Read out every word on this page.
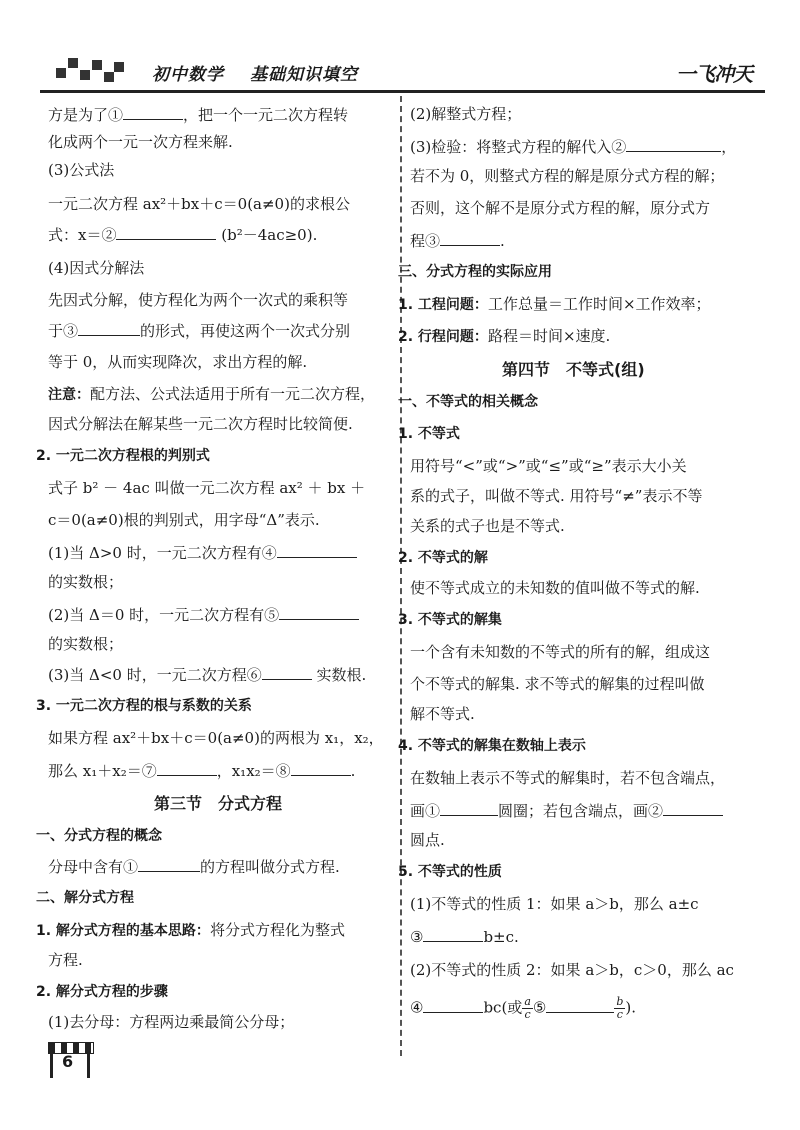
初中数学 基础知识填空	一飞冲天
方是为了①	，把一个一元二次方程转
化成两个一元一次方程来解.
(3)公式法
一元二次方程 ax²＋bx＋c＝0(a≠0)的求根公
式：x＝②	(b²－4ac≥0).
(4)因式分解法
先因式分解，使方程化为两个一次式的乘积等
于③	的形式，再使这两个一次式分别
等于 0，从而实现降次，求出方程的解.
注意：配方法、公式法适用于所有一元二次方程，
因式分解法在解某些一元二次方程时比较简便.
2. 一元二次方程根的判别式
式子 b² － 4ac 叫做一元二次方程 ax² ＋ bx ＋
c＝0(a≠0)根的判别式，用字母“Δ”表示.
(1)当 Δ>0 时，一元二次方程有④
的实数根；
(2)当 Δ＝0 时，一元二次方程有⑤
的实数根；
(3)当 Δ<0 时，一元二次方程⑥	实数根.
3. 一元二次方程的根与系数的关系
如果方程 ax²＋bx＋c＝0(a≠0)的两根为 x₁，x₂，
那么 x₁＋x₂＝⑦	，x₁x₂＝⑧	.
第三节　分式方程
一、分式方程的概念
分母中含有①	的方程叫做分式方程.
二、解分式方程
1. 解分式方程的基本思路：将分式方程化为整式
方程.
2. 解分式方程的步骤
(1)去分母：方程两边乘最简公分母；
(2)解整式方程；
(3)检验：将整式方程的解代入②	，
若不为 0，则整式方程的解是原分式方程的解；
否则，这个解不是原分式方程的解，原分式方
程③	.
三、分式方程的实际应用
1. 工程问题：工作总量＝工作时间×工作效率；
2. 行程问题：路程＝时间×速度.
第四节　不等式(组)
一、不等式的相关概念
1. 不等式
用符号“<”或“>”或“≤”或“≥”表示大小关
系的式子，叫做不等式. 用符号“≠”表示不等
关系的式子也是不等式.
2. 不等式的解
使不等式成立的未知数的值叫做不等式的解.
3. 不等式的解集
一个含有未知数的不等式的所有的解，组成这
个不等式的解集. 求不等式的解集的过程叫做
解不等式.
4. 不等式的解集在数轴上表示
在数轴上表示不等式的解集时，若不包含端点，
画①	圆圈；若包含端点，画②
圆点.
5. 不等式的性质
(1)不等式的性质 1：如果 a＞b，那么 a±c
③	b±c.
(2)不等式的性质 2：如果 a＞b，c＞0，那么 ac
④	bc(或 $\frac{a}{c}$ ⑤	$\frac{b}{c}$ ).
6
